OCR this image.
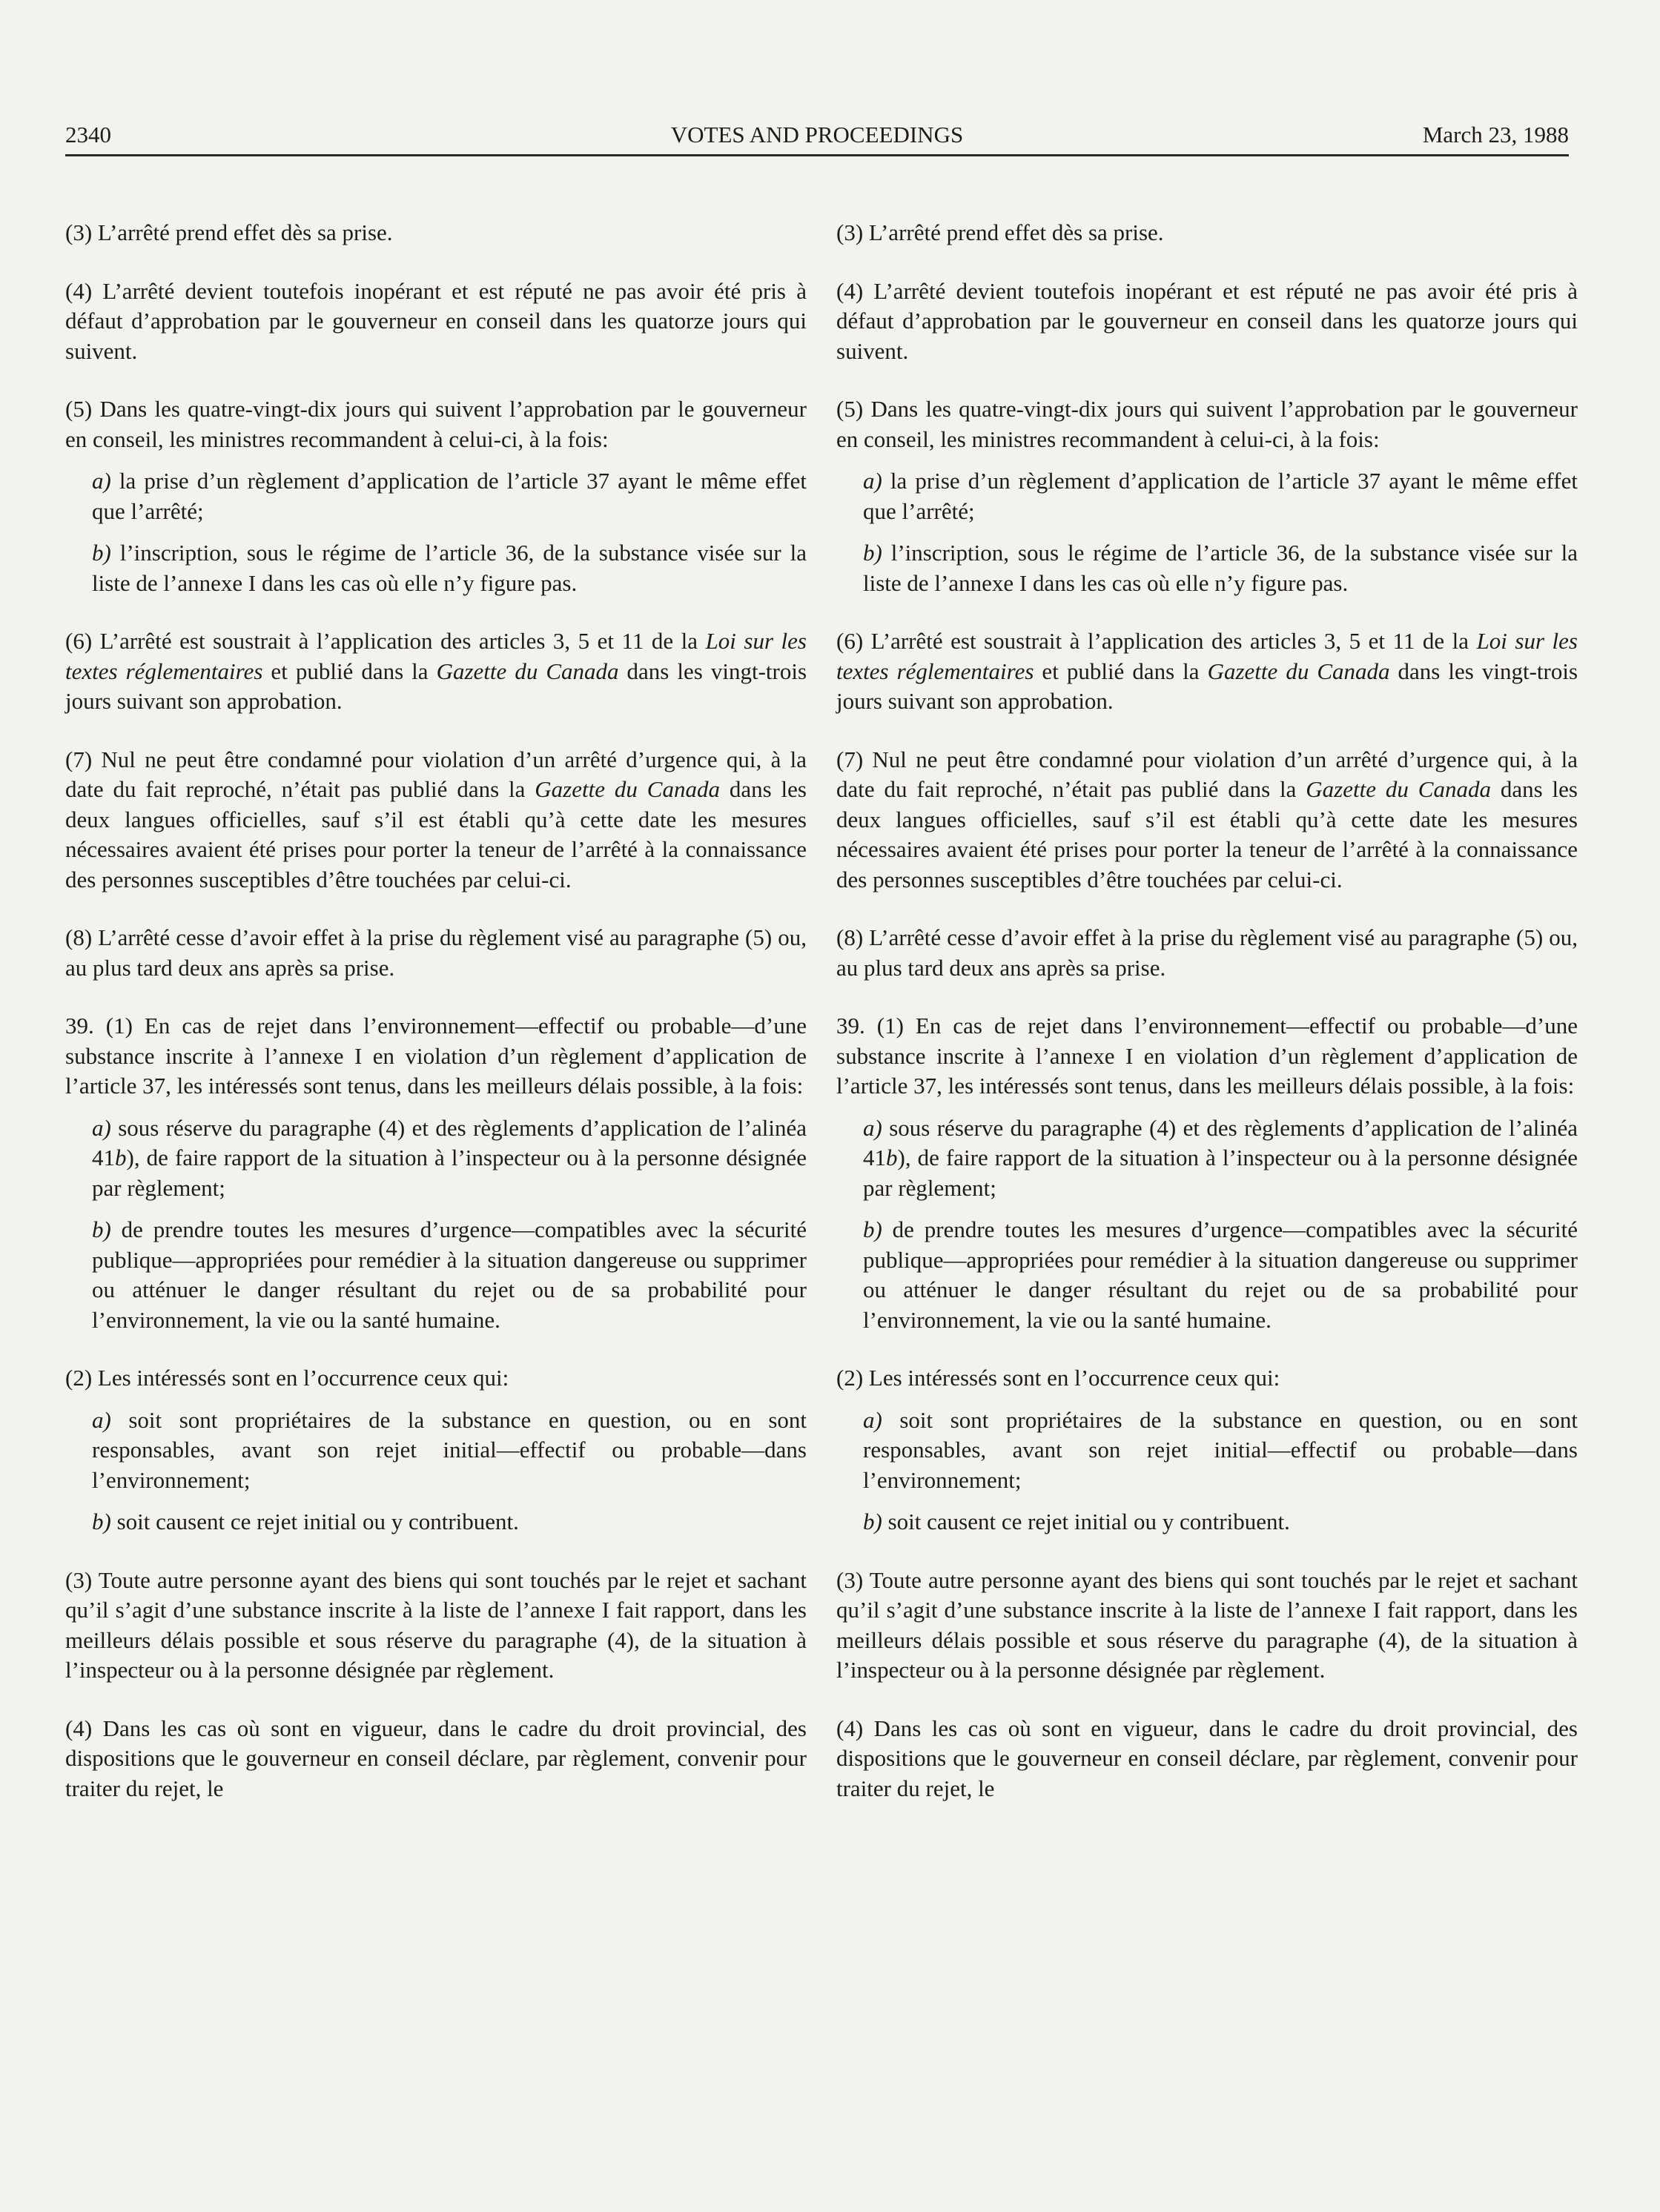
2340	VOTES AND PROCEEDINGS	March 23, 1988

(3) L’arrêté prend effet dès sa prise.

(4) L’arrêté devient toutefois inopérant et est réputé ne pas avoir été pris à défaut d’approbation par le gouverneur en conseil dans les quatorze jours qui suivent.

(5) Dans les quatre-vingt-dix jours qui suivent l’approbation par le gouverneur en conseil, les ministres recommandent à celui-ci, à la fois:

a) la prise d’un règlement d’application de l’article 37 ayant le même effet que l’arrêté;

b) l’inscription, sous le régime de l’article 36, de la substance visée sur la liste de l’annexe I dans les cas où elle n’y figure pas.

(6) L’arrêté est soustrait à l’application des articles 3, 5 et 11 de la Loi sur les textes réglementaires et publié dans la Gazette du Canada dans les vingt-trois jours suivant son approbation.

(7) Nul ne peut être condamné pour violation d’un arrêté d’urgence qui, à la date du fait reproché, n’était pas publié dans la Gazette du Canada dans les deux langues officielles, sauf s’il est établi qu’à cette date les mesures nécessaires avaient été prises pour porter la teneur de l’arrêté à la connaissance des personnes susceptibles d’être touchées par celui-ci.

(8) L’arrêté cesse d’avoir effet à la prise du règlement visé au paragraphe (5) ou, au plus tard deux ans après sa prise.

39. (1) En cas de rejet dans l’environnement—effectif ou probable—d’une substance inscrite à l’annexe I en violation d’un règlement d’application de l’article 37, les intéressés sont tenus, dans les meilleurs délais possible, à la fois:

a) sous réserve du paragraphe (4) et des règlements d’application de l’alinéa 41b), de faire rapport de la situation à l’inspecteur ou à la personne désignée par règlement;

b) de prendre toutes les mesures d’urgence—compatibles avec la sécurité publique—appropriées pour remédier à la situation dangereuse ou supprimer ou atténuer le danger résultant du rejet ou de sa probabilité pour l’environnement, la vie ou la santé humaine.

(2) Les intéressés sont en l’occurrence ceux qui:

a) soit sont propriétaires de la substance en question, ou en sont responsables, avant son rejet initial—effectif ou probable—dans l’environnement;

b) soit causent ce rejet initial ou y contribuent.

(3) Toute autre personne ayant des biens qui sont touchés par le rejet et sachant qu’il s’agit d’une substance inscrite à la liste de l’annexe I fait rapport, dans les meilleurs délais possible et sous réserve du paragraphe (4), de la situation à l’inspecteur ou à la personne désignée par règlement.

(4) Dans les cas où sont en vigueur, dans le cadre du droit provincial, des dispositions que le gouverneur en conseil déclare, par règlement, convenir pour traiter du rejet, le

(3) L’arrêté prend effet dès sa prise.

(4) L’arrêté devient toutefois inopérant et est réputé ne pas avoir été pris à défaut d’approbation par le gouverneur en conseil dans les quatorze jours qui suivent.

(5) Dans les quatre-vingt-dix jours qui suivent l’approbation par le gouverneur en conseil, les ministres recommandent à celui-ci, à la fois:

a) la prise d’un règlement d’application de l’article 37 ayant le même effet que l’arrêté;

b) l’inscription, sous le régime de l’article 36, de la substance visée sur la liste de l’annexe I dans les cas où elle n’y figure pas.

(6) L’arrêté est soustrait à l’application des articles 3, 5 et 11 de la Loi sur les textes réglementaires et publié dans la Gazette du Canada dans les vingt-trois jours suivant son approbation.

(7) Nul ne peut être condamné pour violation d’un arrêté d’urgence qui, à la date du fait reproché, n’était pas publié dans la Gazette du Canada dans les deux langues officielles, sauf s’il est établi qu’à cette date les mesures nécessaires avaient été prises pour porter la teneur de l’arrêté à la connaissance des personnes susceptibles d’être touchées par celui-ci.

(8) L’arrêté cesse d’avoir effet à la prise du règlement visé au paragraphe (5) ou, au plus tard deux ans après sa prise.

39. (1) En cas de rejet dans l’environnement—effectif ou probable—d’une substance inscrite à l’annexe I en violation d’un règlement d’application de l’article 37, les intéressés sont tenus, dans les meilleurs délais possible, à la fois:

a) sous réserve du paragraphe (4) et des règlements d’application de l’alinéa 41b), de faire rapport de la situation à l’inspecteur ou à la personne désignée par règlement;

b) de prendre toutes les mesures d’urgence—compatibles avec la sécurité publique—appropriées pour remédier à la situation dangereuse ou supprimer ou atténuer le danger résultant du rejet ou de sa probabilité pour l’environnement, la vie ou la santé humaine.

(2) Les intéressés sont en l’occurrence ceux qui:

a) soit sont propriétaires de la substance en question, ou en sont responsables, avant son rejet initial—effectif ou probable—dans l’environnement;

b) soit causent ce rejet initial ou y contribuent.

(3) Toute autre personne ayant des biens qui sont touchés par le rejet et sachant qu’il s’agit d’une substance inscrite à la liste de l’annexe I fait rapport, dans les meilleurs délais possible et sous réserve du paragraphe (4), de la situation à l’inspecteur ou à la personne désignée par règlement.

(4) Dans les cas où sont en vigueur, dans le cadre du droit provincial, des dispositions que le gouverneur en conseil déclare, par règlement, convenir pour traiter du rejet, le
